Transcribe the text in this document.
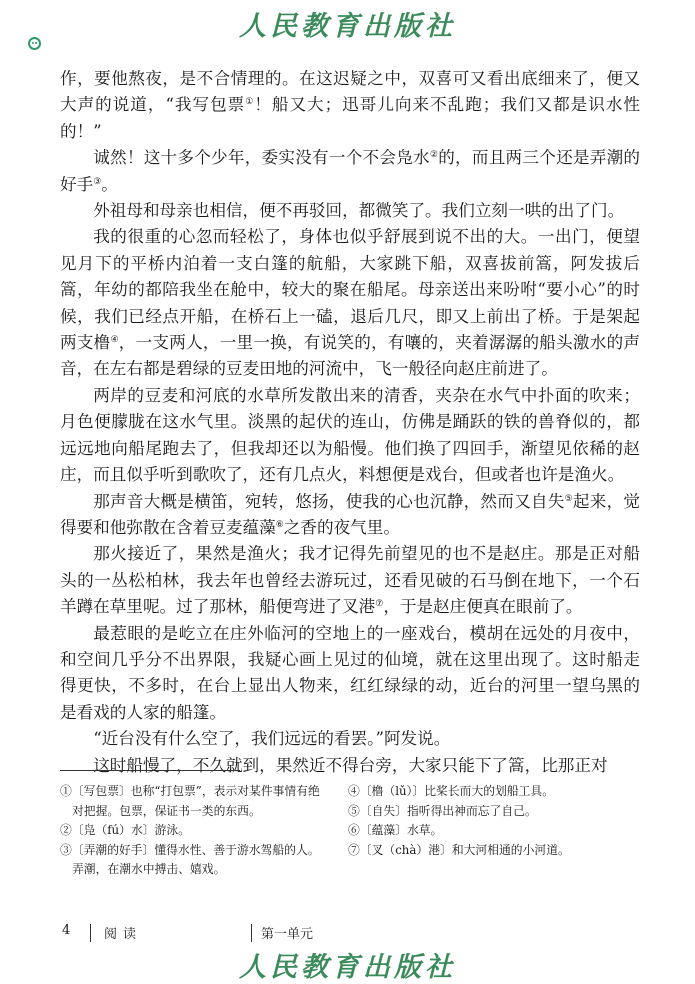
人民教育出版社

作，要他熬夜，是不合情理的。在这迟疑之中，双喜可又看出底细来了，便又大声的说道，“我写包票①！船又大；迅哥儿向来不乱跑；我们又都是识水性的！”

诚然！这十多个少年，委实没有一个不会凫水②的，而且两三个还是弄潮的好手③。

外祖母和母亲也相信，便不再驳回，都微笑了。我们立刻一哄的出了门。

我的很重的心忽而轻松了，身体也似乎舒展到说不出的大。一出门，便望见月下的平桥内泊着一支白篷的航船，大家跳下船，双喜拔前篙，阿发拔后篙，年幼的都陪我坐在舱中，较大的聚在船尾。母亲送出来吩咐“要小心”的时候，我们已经点开船，在桥石上一磕，退后几尺，即又上前出了桥。于是架起两支橹④，一支两人，一里一换，有说笑的，有嚷的，夹着潺潺的船头激水的声音，在左右都是碧绿的豆麦田地的河流中，飞一般径向赵庄前进了。

两岸的豆麦和河底的水草所发散出来的清香，夹杂在水气中扑面的吹来；月色便朦胧在这水气里。淡黑的起伏的连山，仿佛是踊跃的铁的兽脊似的，都远远地向船尾跑去了，但我却还以为船慢。他们换了四回手，渐望见依稀的赵庄，而且似乎听到歌吹了，还有几点火，料想便是戏台，但或者也许是渔火。

那声音大概是横笛，宛转，悠扬，使我的心也沉静，然而又自失⑤起来，觉得要和他弥散在含着豆麦蕴藻⑥之香的夜气里。

那火接近了，果然是渔火；我才记得先前望见的也不是赵庄。那是正对船头的一丛松柏林，我去年也曾经去游玩过，还看见破的石马倒在地下，一个石羊蹲在草里呢。过了那林，船便弯进了叉港⑦，于是赵庄便真在眼前了。

最惹眼的是屹立在庄外临河的空地上的一座戏台，模胡在远处的月夜中，和空间几乎分不出界限，我疑心画上见过的仙境，就在这里出现了。这时船走得更快，不多时，在台上显出人物来，红红绿绿的动，近台的河里一望乌黑的是看戏的人家的船篷。

“近台没有什么空了，我们远远的看罢。”阿发说。

这时船慢了，不久就到，果然近不得台旁，大家只能下了篙，比那正对

①〔写包票〕也称“打包票”，表示对某件事情有绝对把握。包票，保证书一类的东西。

②〔凫（fú）水〕游泳。

③〔弄潮的好手〕懂得水性、善于游水驾船的人。弄潮，在潮水中搏击、嬉戏。

④〔橹（lǔ）〕比桨长而大的划船工具。

⑤〔自失〕指听得出神而忘了自己。

⑥〔蕴藻〕水草。

⑦〔叉（chà）港〕和大河相通的小河道。

4	阅读	第一单元
人民教育出版社
